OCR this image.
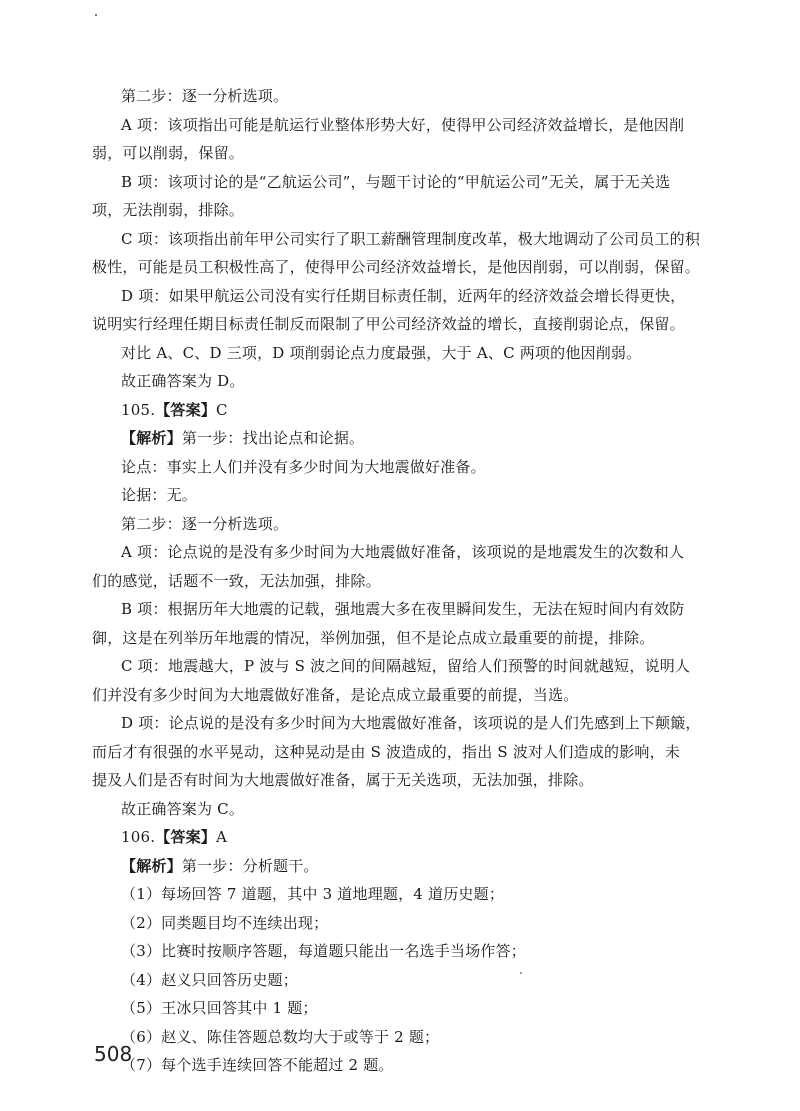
第二步：逐一分析选项。
A 项：该项指出可能是航运行业整体形势大好，使得甲公司经济效益增长，是他因削
弱，可以削弱，保留。
B 项：该项讨论的是“乙航运公司”，与题干讨论的“甲航运公司”无关，属于无关选
项，无法削弱，排除。
C 项：该项指出前年甲公司实行了职工薪酬管理制度改革，极大地调动了公司员工的积
极性，可能是员工积极性高了，使得甲公司经济效益增长，是他因削弱，可以削弱，保留。
D 项：如果甲航运公司没有实行任期目标责任制，近两年的经济效益会增长得更快，
说明实行经理任期目标责任制反而限制了甲公司经济效益的增长，直接削弱论点，保留。
对比 A、C、D 三项，D 项削弱论点力度最强，大于 A、C 两项的他因削弱。
故正确答案为 D。
105.【答案】C
【解析】第一步：找出论点和论据。
论点：事实上人们并没有多少时间为大地震做好准备。
论据：无。
第二步：逐一分析选项。
A 项：论点说的是没有多少时间为大地震做好准备，该项说的是地震发生的次数和人
们的感觉，话题不一致，无法加强，排除。
B 项：根据历年大地震的记载，强地震大多在夜里瞬间发生，无法在短时间内有效防
御，这是在列举历年地震的情况，举例加强，但不是论点成立最重要的前提，排除。
C 项：地震越大，P 波与 S 波之间的间隔越短，留给人们预警的时间就越短，说明人
们并没有多少时间为大地震做好准备，是论点成立最重要的前提，当选。
D 项：论点说的是没有多少时间为大地震做好准备，该项说的是人们先感到上下颠簸，
而后才有很强的水平晃动，这种晃动是由 S 波造成的，指出 S 波对人们造成的影响，未
提及人们是否有时间为大地震做好准备，属于无关选项，无法加强，排除。
故正确答案为 C。
106.【答案】A
【解析】第一步：分析题干。
（1）每场回答 7 道题，其中 3 道地理题，4 道历史题；
（2）同类题目均不连续出现；
（3）比赛时按顺序答题，每道题只能出一名选手当场作答；
（4）赵义只回答历史题；
（5）王冰只回答其中 1 题；
（6）赵义、陈佳答题总数均大于或等于 2 题；
（7）每个选手连续回答不能超过 2 题。
508
